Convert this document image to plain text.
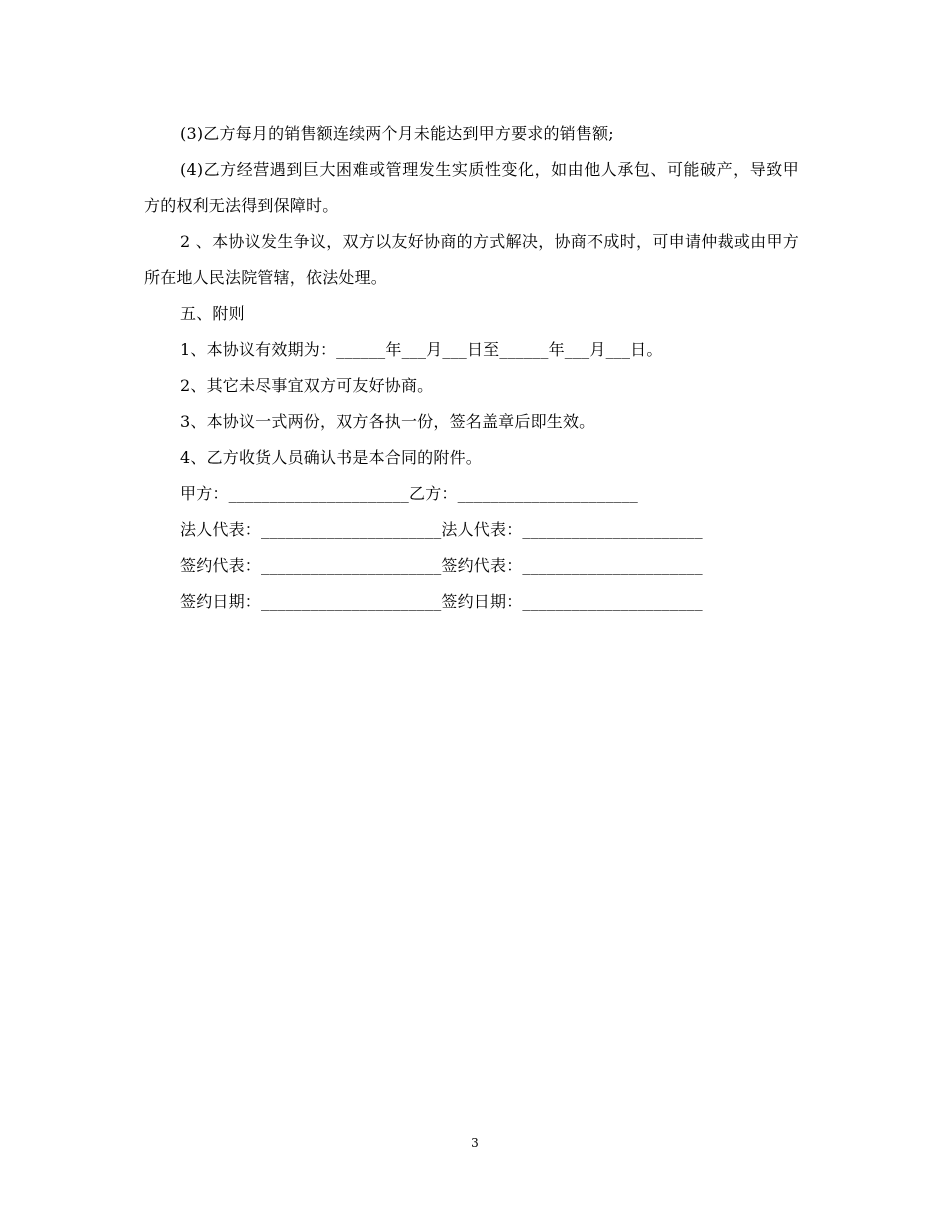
(3)乙方每月的销售额连续两个月未能达到甲方要求的销售额;

(4)乙方经营遇到巨大困难或管理发生实质性变化，如由他人承包、可能破产，导致甲方的权利无法得到保障时。

2 、本协议发生争议，双方以友好协商的方式解决，协商不成时，可申请仲裁或由甲方所在地人民法院管辖，依法处理。

五、附则

1、本协议有效期为：______年___月___日至______年___月___日。

2、其它未尽事宜双方可友好协商。

3、本协议一式两份，双方各执一份，签名盖章后即生效。

4、乙方收货人员确认书是本合同的附件。

甲方：______________________乙方：______________________

法人代表：______________________法人代表：______________________

签约代表：______________________签约代表：______________________

签约日期：______________________签约日期：______________________

3
